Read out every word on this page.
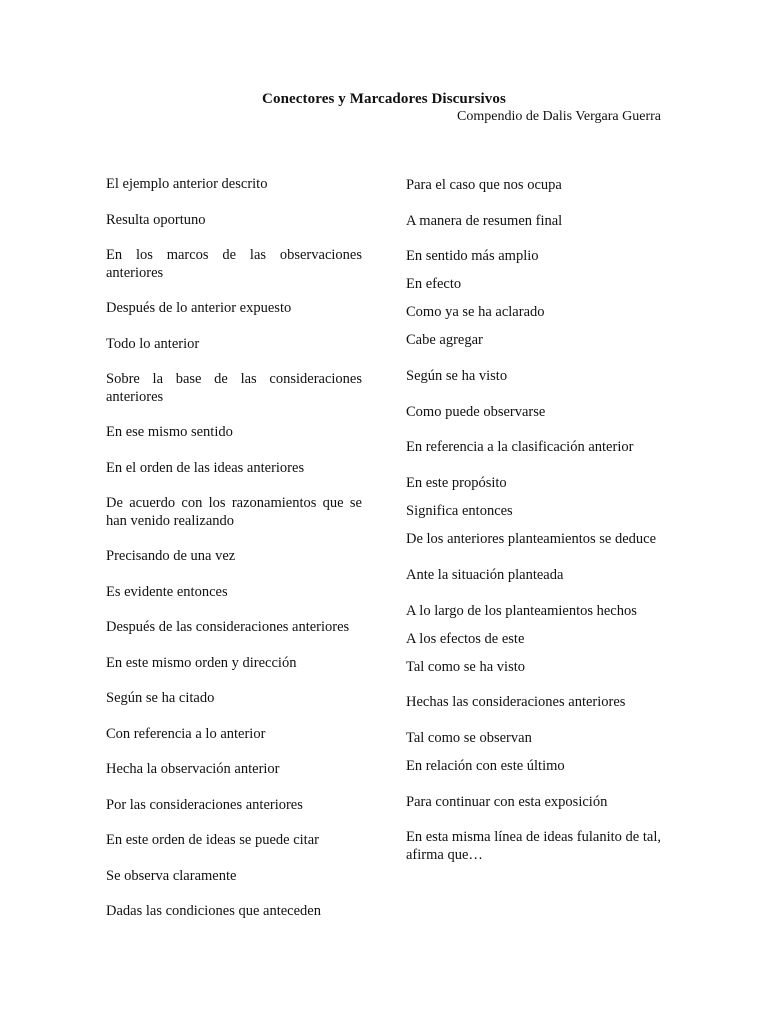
Conectores y Marcadores Discursivos
Compendio de Dalis Vergara Guerra
El ejemplo anterior descrito
Resulta oportuno
En los marcos de las observaciones anteriores
Después de lo anterior expuesto
Todo lo anterior
Sobre la base de las consideraciones anteriores
En ese mismo sentido
En el orden de las ideas anteriores
De acuerdo con los razonamientos que se han venido realizando
Precisando de una vez
Es evidente entonces
Después de las consideraciones anteriores
En este mismo orden y dirección
Según se ha citado
Con referencia a lo anterior
Hecha la observación anterior
Por las consideraciones anteriores
En este orden de ideas se puede citar
Se observa claramente
Dadas las condiciones que anteceden
Para el caso que nos ocupa
A manera de resumen final
En sentido más amplio
En efecto
Como ya se ha aclarado
Cabe agregar
Según se ha visto
Como puede observarse
En referencia a la clasificación anterior
En este propósito
Significa entonces
De los anteriores planteamientos se deduce
Ante la situación planteada
A lo largo de los planteamientos hechos
A los efectos de este
Tal como se ha visto
Hechas las consideraciones anteriores
Tal como se observan
En relación con este último
Para continuar con esta exposición
En esta misma línea de ideas fulanito de tal, afirma que…
